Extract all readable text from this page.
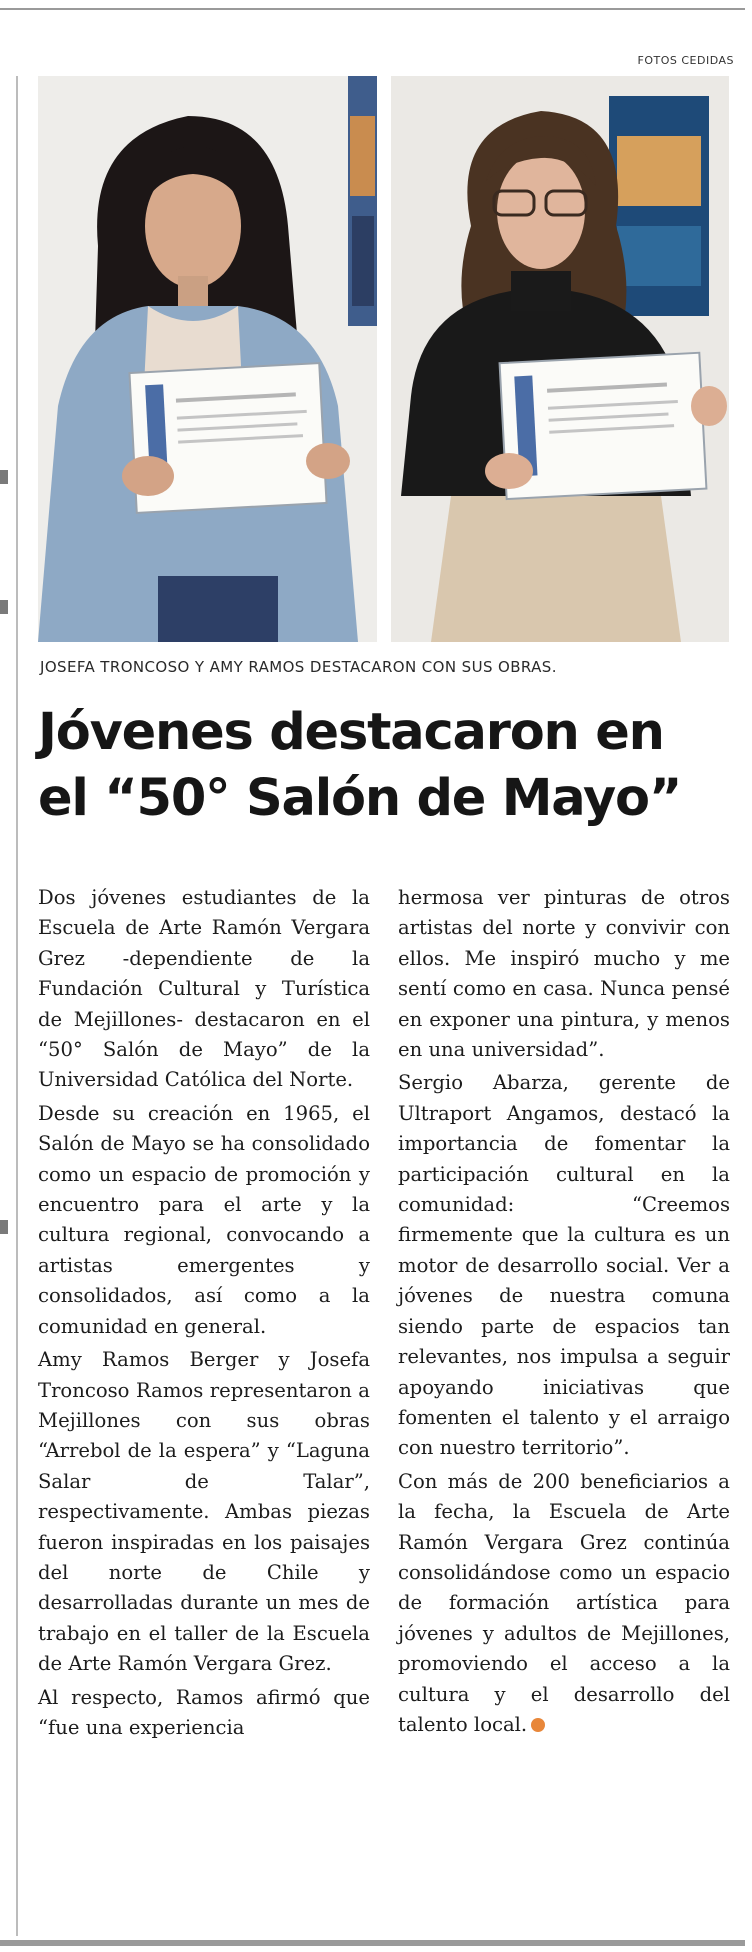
FOTOS CEDIDAS
JOSEFA TRONCOSO Y AMY RAMOS DESTACARON CON SUS OBRAS.
Jóvenes destacaron en
el “50° Salón de Mayo”

Dos jóvenes estudiantes de la Escuela de Arte Ramón Vergara Grez -dependiente de la Fundación Cultural y Turística de Mejillones- destacaron en el “50° Salón de Mayo” de la Universidad Católica del Norte.

Desde su creación en 1965, el Salón de Mayo se ha consolidado como un espacio de promoción y encuentro para el arte y la cultura regional, convocando a artistas emergentes y consolidados, así como a la comunidad en general.

Amy Ramos Berger y Josefa Troncoso Ramos representaron a Mejillones con sus obras “Arrebol de la espera” y “Laguna Salar de Talar”, respectivamente. Ambas piezas fueron inspiradas en los paisajes del norte de Chile y desarrolladas durante un mes de trabajo en el taller de la Escuela de Arte Ramón Vergara Grez.

Al respecto, Ramos afirmó que “fue una experiencia

hermosa ver pinturas de otros artistas del norte y convivir con ellos. Me inspiró mucho y me sentí como en casa. Nunca pensé en exponer una pintura, y menos en una universidad”.

Sergio Abarza, gerente de Ultraport Angamos, destacó la importancia de fomentar la participación cultural en la comunidad: “Creemos firmemente que la cultura es un motor de desarrollo social. Ver a jóvenes de nuestra comuna siendo parte de espacios tan relevantes, nos impulsa a seguir apoyando iniciativas que fomenten el talento y el arraigo con nuestro territorio”.

Con más de 200 beneficiarios a la fecha, la Escuela de Arte Ramón Vergara Grez continúa consolidándose como un espacio de formación artística para jóvenes y adultos de Mejillones, promoviendo el acceso a la cultura y el desarrollo del talento local.
